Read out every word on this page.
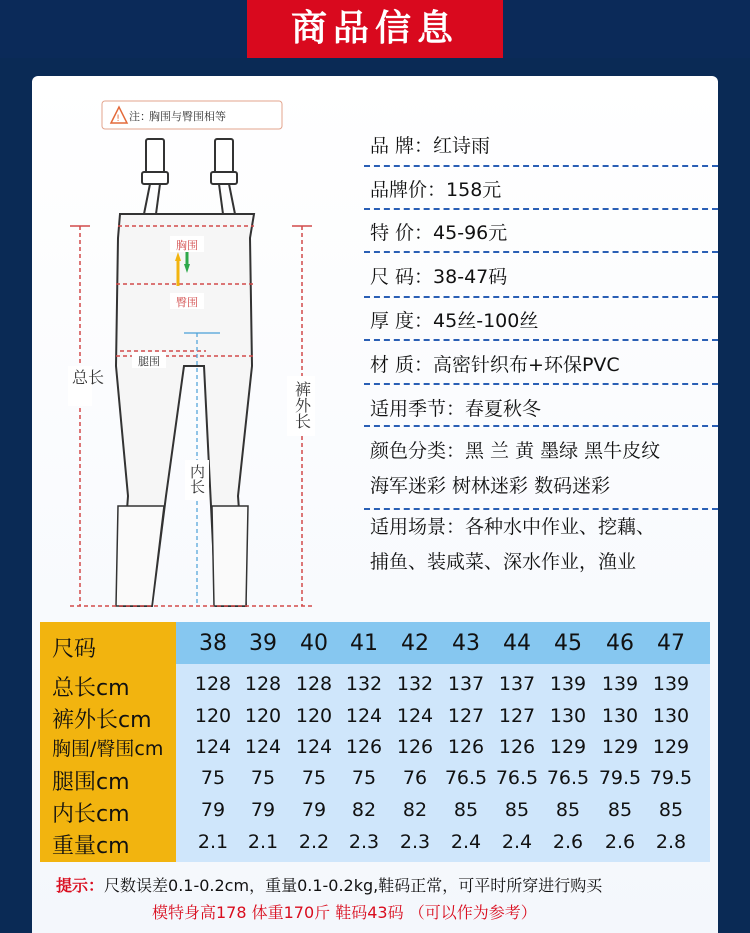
商品信息
! 注：
胸围与臀围相等
胸围
臀围
腿围
总长
裤外长
内长
品 牌：红诗雨
品牌价：158元
特 价：45-96元
尺 码：38-47码
厚 度：45丝-100丝
材 质：高密针织布+环保PVC
适用季节：春夏秋冬
颜色分类：黑 兰 黄 墨绿 黑牛皮纹
海军迷彩 树林迷彩 数码迷彩
适用场景：各种水中作业、挖藕、
捕鱼、装咸菜、深水作业，渔业
尺码	38	39	40	41	42	43	44	45	46	47
总长cm	128 128 128 132 132 137 137 139 139 139
裤外长cm	120 120 120 124 124 127 127 130 130 130
胸围/臀围cm	124 124 124 126 126 126 126 129 129 129
腿围cm	75	75	75	75	76 76.5 76.5 76.5 79.5 79.5
内长cm	79	79	79	82	82	85	85	85	85	85
重量cm	2.1	2.1	2.2	2.3	2.3	2.4	2.4	2.6	2.6	2.8
提示：尺数误差0.1-0.2cm，重量0.1-0.2kg,鞋码正常，可平时所穿进行购买
模特身高178 体重170斤 鞋码43码 （可以作为参考）
